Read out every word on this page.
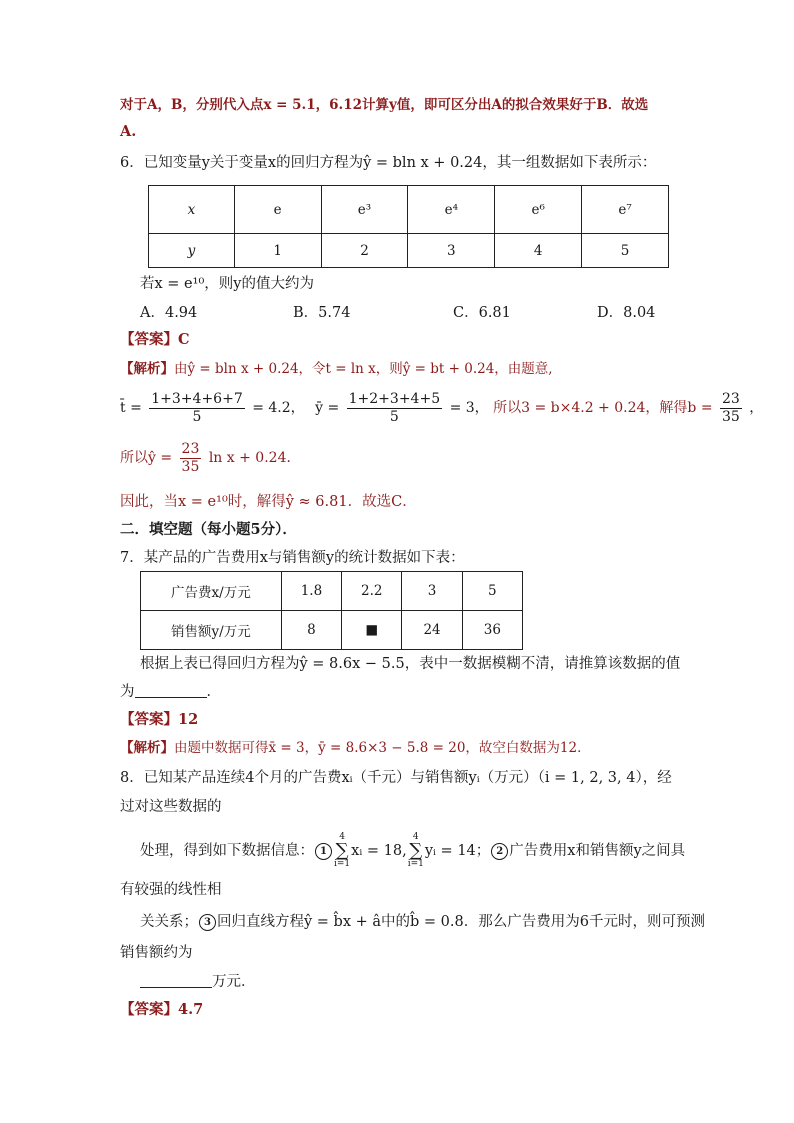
对于A，B，分别代入点x = 5.1，6.12计算y值，即可区分出A的拟合效果好于B．故选
A.
6．已知变量y关于变量x的回归方程为ŷ = bln x + 0.24，其一组数据如下表所示：
x	e	e³	e⁴	e⁶	e⁷
y	1	2	3	4	5
若x = e¹⁰，则y的值大约为
A．4.94	B．5.74	C．6.81	D．8.04
【答案】C
【解析】由ŷ = bln x + 0.24，令t = ln x，则ŷ = bt + 0.24，由题意,
t̄ = $\frac{1+3+4+6+7}{5} = 4.2$， ȳ = $\frac{1+2+3+4+5}{5} = 3$， 所以3 = b×4.2 + 0.24，解得$b = \frac{23}{35}$ ，
所以ŷ = $\frac{23}{35}$ ln x + 0.24．
因此，当x = e¹⁰时，解得ŷ ≈ 6.81．故选C．
二．填空题（每小题5分）．
7．某产品的广告费用x与销售额y的统计数据如下表：
广告费x/万元	1.8	2.2	3	5
销售额y/万元	8	■	24	36
根据上表已得回归方程为ŷ = 8.6x − 5.5，表中一数据模糊不清，请推算该数据的值
为	．
【答案】12
【解析】由题中数据可得x̄ = 3，ȳ = 8.6×3 − 5.8 = 20，故空白数据为12．
8．已知某产品连续4个月的广告费xᵢ（千元）与销售额yᵢ（万元）（i = 1, 2, 3, 4），经
过对这些数据的
处理，得到如下数据信息： 14
∑
i=1xᵢ = 18,4
∑
i=1yᵢ = 14； 2 广告费用x和销售额y之间具
有较强的线性相
关关系； 3 回归直线方程ŷ = b̂x + â中的b̂ = 0.8．那么广告费用为6千元时，则可预测
销售额约为
万元．
【答案】4.7
